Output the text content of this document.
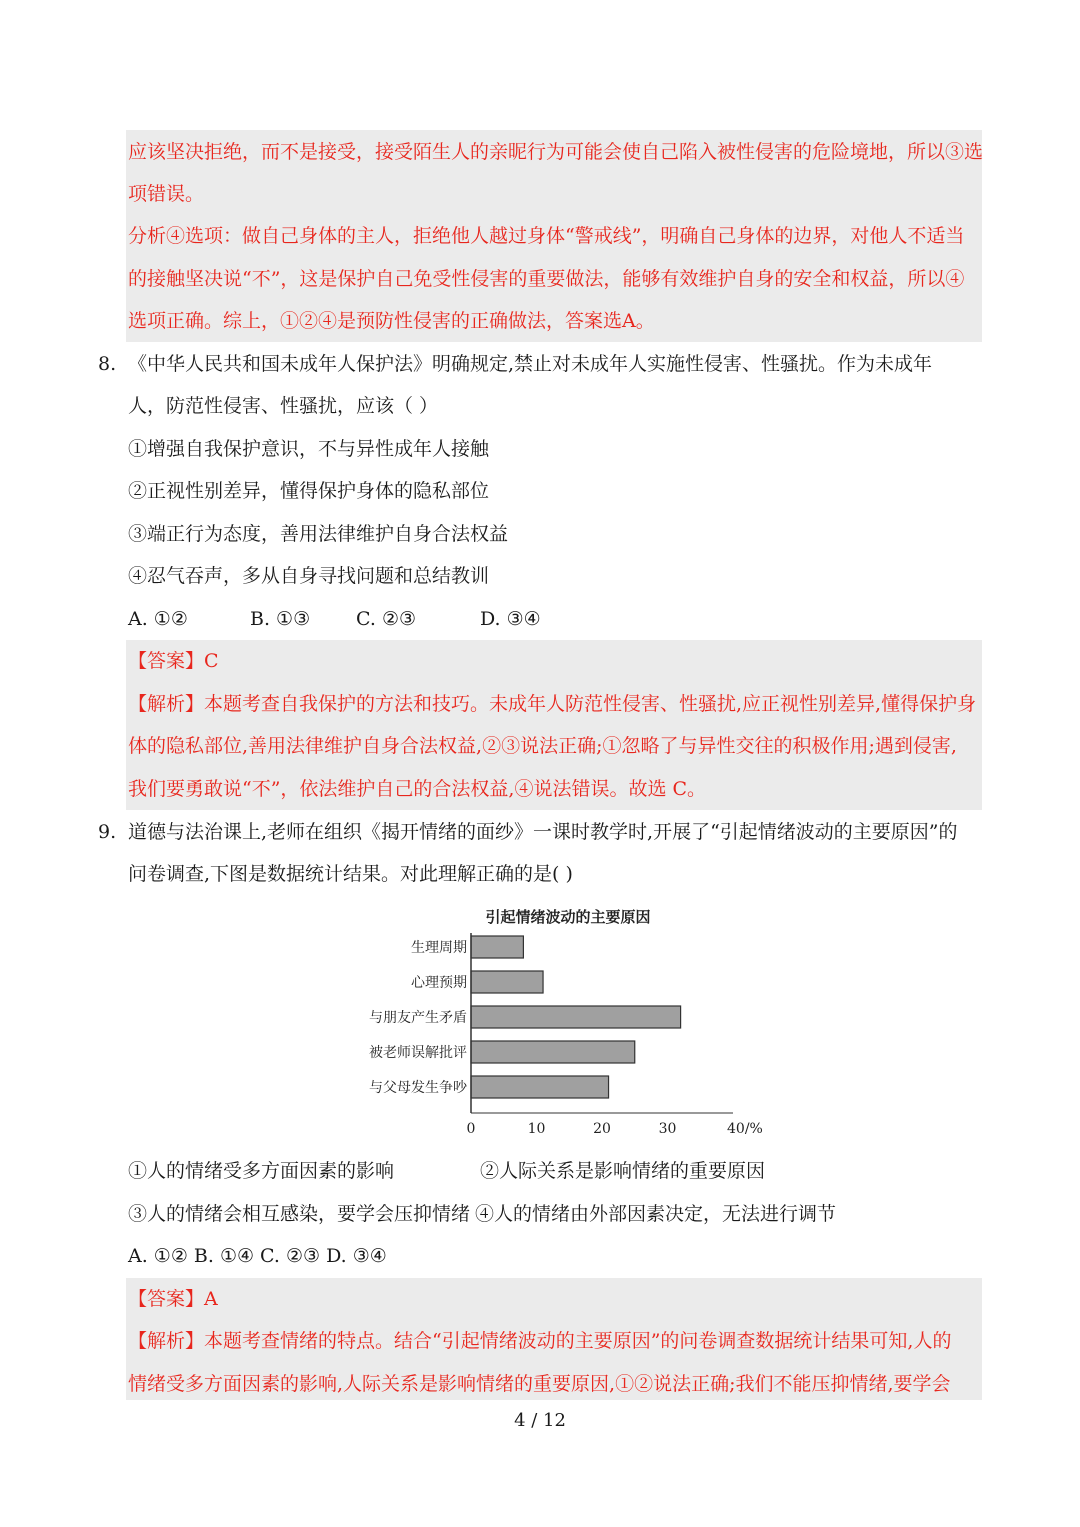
应该坚决拒绝，而不是接受，接受陌生人的亲昵行为可能会使自己陷入被性侵害的危险境地，所以③选
项错误。
分析④选项：做自己身体的主人，拒绝他人越过身体“警戒线”，明确自己身体的边界，对他人不适当
的接触坚决说“不”，这是保护自己免受性侵害的重要做法，能够有效维护自身的安全和权益，所以④
选项正确。综上，①②④是预防性侵害的正确做法，答案选A。
8. 《中华人民共和国未成年人保护法》明确规定,禁止对未成年人实施性侵害、性骚扰。作为未成年
人，防范性侵害、性骚扰，应该（ ）
①增强自我保护意识，不与异性成年人接触
②正视性别差异，懂得保护身体的隐私部位
③端正行为态度，善用法律维护自身合法权益
④忍气吞声，多从自身寻找问题和总结教训
A. ①②	B. ①③ C. ②③	D. ③④
【答案】C
【解析】本题考查自我保护的方法和技巧。未成年人防范性侵害、性骚扰,应正视性别差异,懂得保护身
体的隐私部位,善用法律维护自身合法权益,②③说法正确;①忽略了与异性交往的积极作用;遇到侵害,
我们要勇敢说“不”，依法维护自己的合法权益,④说法错误。故选 C。
9. 道德与法治课上,老师在组织《揭开情绪的面纱》一课时教学时,开展了“引起情绪波动的主要原因”的
问卷调查,下图是数据统计结果。对此理解正确的是( )
引起情绪波动的主要原因
生理周期
心理预期
与朋友产生矛盾
被老师误解批评
与父母发生争吵
0	10	20	30	40/%
①人的情绪受多方面因素的影响	②人际关系是影响情绪的重要原因
③人的情绪会相互感染，要学会压抑情绪 ④人的情绪由外部因素决定，无法进行调节
A. ①② B. ①④ C. ②③ D. ③④
【答案】A
【解析】本题考查情绪的特点。结合“引起情绪波动的主要原因”的问卷调查数据统计结果可知,人的
情绪受多方面因素的影响,人际关系是影响情绪的重要原因,①②说法正确;我们不能压抑情绪,要学会
4 / 12
